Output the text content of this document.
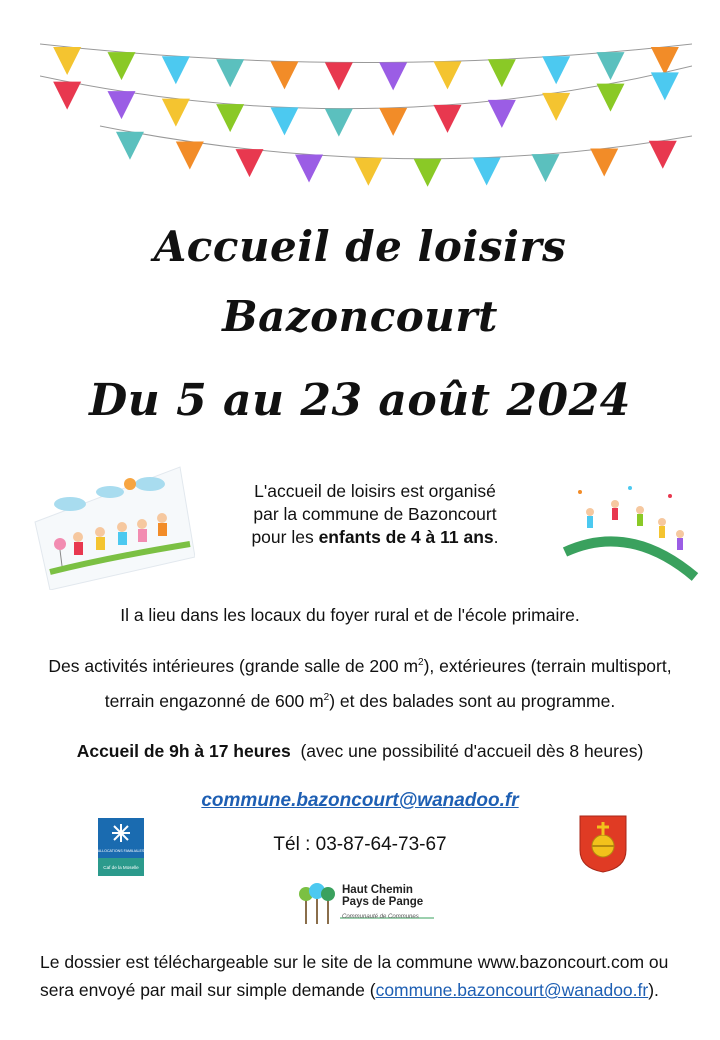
Accueil de loisirs
Bazoncourt
Du 5 au 23 août 2024
L'accueil de loisirs est organisé
par la commune de Bazoncourt
pour les enfants de 4 à 11 ans.
Il a lieu dans les locaux du foyer rural et de l'école primaire.
Des activités intérieures (grande salle de 200 $m^2$), extérieures (terrain multisport,
terrain engazonné de 600 $m^2$) et des balades sont au programme.
Accueil de 9h à 17 heures (avec une possibilité d'accueil dès 8 heures)
commune.bazoncourt@wanadoo.fr
ALLOCATIONS FAMILIALES
Caf de la Moselle
Tél : 03-87-64-73-67
Haut Chemin
Pays de Pange
Communauté de Communes
Le dossier est téléchargeable sur le site de la commune www.bazoncourt.com ou
sera envoyé par mail sur simple demande (commune.bazoncourt@wanadoo.fr).
